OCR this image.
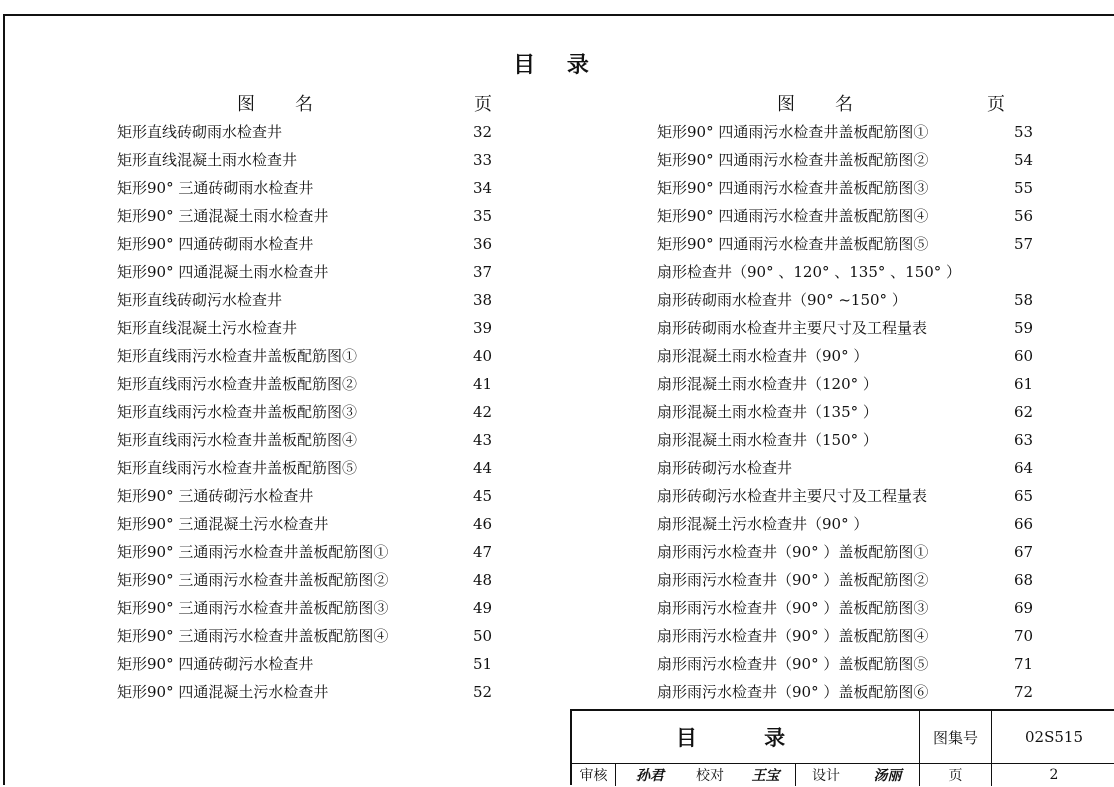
目 录
图名	页
矩形直线砖砌雨水检查井	32
矩形直线混凝土雨水检查井	33
矩形90° 三通砖砌雨水检查井	34
矩形90° 三通混凝土雨水检查井	35
矩形90° 四通砖砌雨水检查井	36
矩形90° 四通混凝土雨水检查井	37
矩形直线砖砌污水检查井	38
矩形直线混凝土污水检查井	39
矩形直线雨污水检查井盖板配筋图①	40
矩形直线雨污水检查井盖板配筋图②	41
矩形直线雨污水检查井盖板配筋图③	42
矩形直线雨污水检查井盖板配筋图④	43
矩形直线雨污水检查井盖板配筋图⑤	44
矩形90° 三通砖砌污水检查井	45
矩形90° 三通混凝土污水检查井	46
矩形90° 三通雨污水检查井盖板配筋图①	47
矩形90° 三通雨污水检查井盖板配筋图②	48
矩形90° 三通雨污水检查井盖板配筋图③	49
矩形90° 三通雨污水检查井盖板配筋图④	50
矩形90° 四通砖砌污水检查井	51
矩形90° 四通混凝土污水检查井	52
图名	页
矩形90° 四通雨污水检查井盖板配筋图①	53
矩形90° 四通雨污水检查井盖板配筋图②	54
矩形90° 四通雨污水检查井盖板配筋图③	55
矩形90° 四通雨污水检查井盖板配筋图④	56
矩形90° 四通雨污水检查井盖板配筋图⑤	57
扇形检查井（90° 、120° 、135° 、150° ）
扇形砖砌雨水检查井（90° ~150° ）	58
扇形砖砌雨水检查井主要尺寸及工程量表	59
扇形混凝土雨水检查井（90° ）	60
扇形混凝土雨水检查井（120° ）	61
扇形混凝土雨水检查井（135° ）	62
扇形混凝土雨水检查井（150° ）	63
扇形砖砌污水检查井	64
扇形砖砌污水检查井主要尺寸及工程量表	65
扇形混凝土污水检查井（90° ）	66
扇形雨污水检查井（90° ）盖板配筋图①	67
扇形雨污水检查井（90° ）盖板配筋图②	68
扇形雨污水检查井（90° ）盖板配筋图③	69
扇形雨污水检查井（90° ）盖板配筋图④	70
扇形雨污水检查井（90° ）盖板配筋图⑤	71
扇形雨污水检查井（90° ）盖板配筋图⑥	72
目 录	图集号	02S515
审核	孙君	校对	王宝	设计	汤丽	页	2
